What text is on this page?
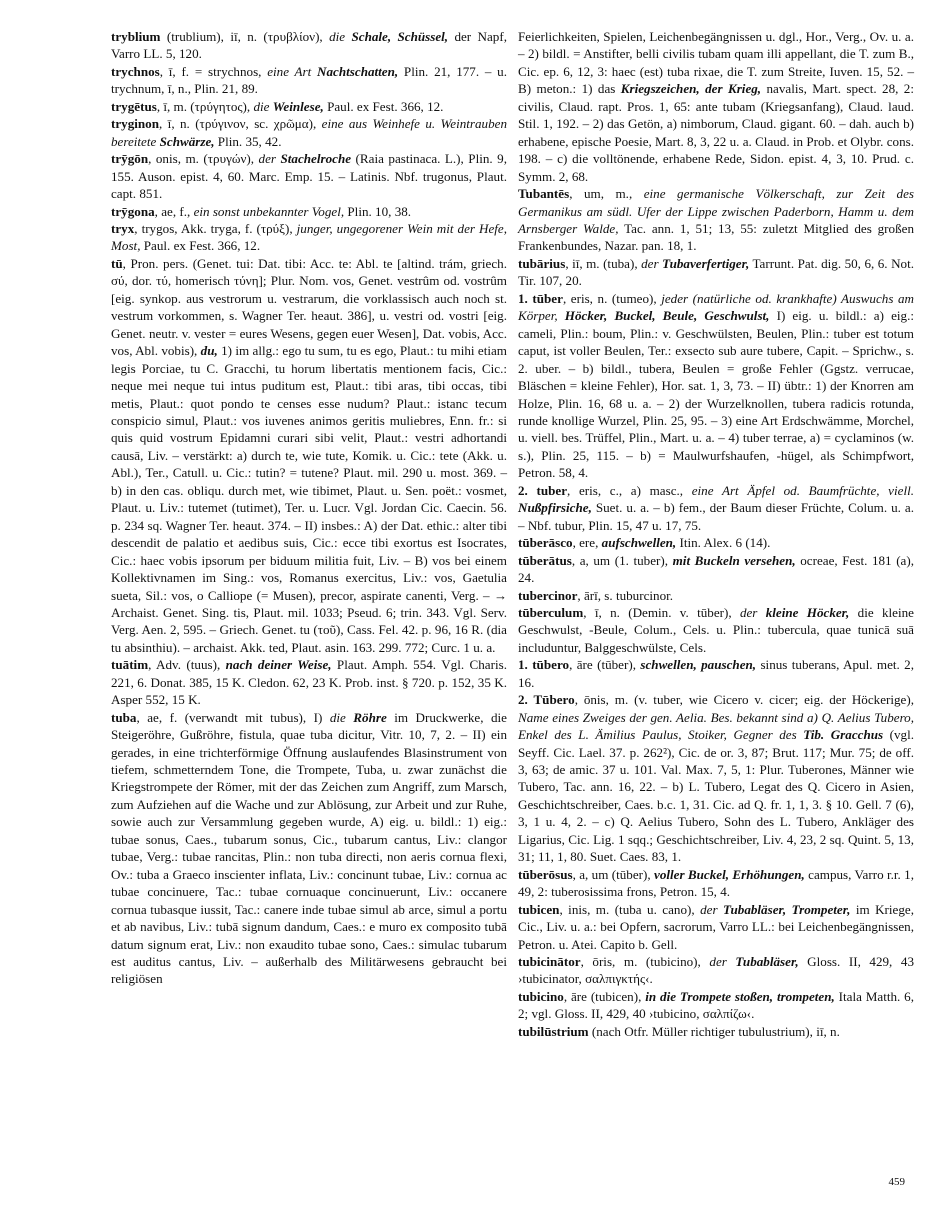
tryblium (trublium), iī, n. (τρυβλίον), die Schale, Schüssel, der Napf, Varro LL. 5, 120.

trychnos, ī, f. = strychnos, eine Art Nachtschatten, Plin. 21, 177. – u. trychnum, ī, n., Plin. 21, 89.

trygētus, ī, m. (τρύγητος), die Weinlese, Paul. ex Fest. 366, 12.

tryginon, ī, n. (τρύγινον, sc. χρῶμα), eine aus Weinhefe u. Weintrauben bereitete Schwärze, Plin. 35, 42.

trȳgōn, onis, m. (τρυγών), der Stachelroche (Raia pastinaca. L.), Plin. 9, 155. Auson. epist. 4, 60. Marc. Emp. 15. – Latinis. Nbf. trugonus, Plaut. capt. 851.

trȳgona, ae, f., ein sonst unbekannter Vogel, Plin. 10, 38.

tryx, trygos, Akk. tryga, f. (τρύξ), junger, ungegorener Wein mit der Hefe, Most, Paul. ex Fest. 366, 12.

tū, Pron. pers. (Genet. tui: Dat. tibi: Acc. te: Abl. te [altind. trám, griech. σύ, dor. τύ, homerisch τύνη]; Plur. Nom. vos, Genet. vestrûm od. vostrûm [eig. synkop. aus vestrorum u. vestrarum, die vorklassisch auch noch st. vestrum vorkommen, s. Wagner Ter. heaut. 386], u. vestri od. vostri [eig. Genet. neutr. v. vester = eures Wesens, gegen euer Wesen], Dat. vobis, Acc. vos, Abl. vobis), du, 1) im allg.: ego tu sum, tu es ego, Plaut.: tu mihi etiam legis Porciae, tu C. Gracchi, tu horum libertatis mentionem facis, Cic.: neque mei neque tui intus puditum est, Plaut.: tibi aras, tibi occas, tibi metis, Plaut.: quot pondo te censes esse nudum? Plaut.: istanc tecum conspicio simul, Plaut.: vos iuvenes animos geritis muliebres, Enn. fr.: si quis quid vostrum Epidamni curari sibi velit, Plaut.: vestri adhortandi causā, Liv. – verstärkt: a) durch te, wie tute, Komik. u. Cic.: tete (Akk. u. Abl.), Ter., Catull. u. Cic.: tutin? = tutene? Plaut. mil. 290 u. most. 369. – b) in den cas. obliqu. durch met, wie tibimet, Plaut. u. Sen. poët.: vosmet, Plaut. u. Liv.: tutemet (tutimet), Ter. u. Lucr. Vgl. Jordan Cic. Caecin. 56. p. 234 sq. Wagner Ter. heaut. 374. – II) insbes.: A) der Dat. ethic.: alter tibi descendit de palatio et aedibus suis, Cic.: ecce tibi exortus est Isocrates, Cic.: haec vobis ipsorum per biduum militia fuit, Liv. – B) vos bei einem Kollektivnamen im Sing.: vos, Romanus exercitus, Liv.: vos, Gaetulia sueta, Sil.: vos, o Calliope (= Musen), precor, aspirate canenti, Verg. – → Archaist. Genet. Sing. tis, Plaut. mil. 1033; Pseud. 6; trin. 343. Vgl. Serv. Verg. Aen. 2, 595. – Griech. Genet. tu (τοῦ), Cass. Fel. 42. p. 96, 16 R. (dia tu absinthiu). – archaist. Akk. ted, Plaut. asin. 163. 299. 772; Curc. 1 u. a.

tuātim, Adv. (tuus), nach deiner Weise, Plaut. Amph. 554. Vgl. Charis. 221, 6. Donat. 385, 15 K. Cledon. 62, 23 K. Prob. inst. § 720. p. 152, 35 K. Asper 552, 15 K.

tuba, ae, f. (verwandt mit tubus), I) die Röhre im Druckwerke, die Steigeröhre, Gußröhre, fistula, quae tuba dicitur, Vitr. 10, 7, 2. – II) ein gerades, in eine trichterförmige Öffnung auslaufendes Blasinstrument von tiefem, schmetterndem Tone, die Trompete, Tuba, u. zwar zunächst die Kriegstrompete der Römer, mit der das Zeichen zum Angriff, zum Marsch, zum Aufziehen auf die Wache und zur Ablösung, zur Arbeit und zur Ruhe, sowie auch zur Versammlung gegeben wurde, A) eig. u. bildl.: 1) eig.: tubae sonus, Caes., tubarum sonus, Cic., tubarum cantus, Liv.: clangor tubae, Verg.: tubae rancitas, Plin.: non tuba directi, non aeris cornua flexi, Ov.: tuba a Graeco inscienter inflata, Liv.: concinunt tubae, Liv.: cornua ac tubae concinuere, Tac.: tubae cornuaque concinuerunt, Liv.: occanere cornua tubasque iussit, Tac.: canere inde tubae simul ab arce, simul a portu et ab navibus, Liv.: tubā signum dandum, Caes.: e muro ex composito tubā datum signum erat, Liv.: non exaudito tubae sono, Caes.: simulac tubarum est auditus cantus, Liv. – außerhalb des Militärwesens gebraucht bei religiösen

Feierlichkeiten, Spielen, Leichenbegängnissen u. dgl., Hor., Verg., Ov. u. a. – 2) bildl. = Anstifter, belli civilis tubam quam illi appellant, die T. zum B., Cic. ep. 6, 12, 3: haec (est) tuba rixae, die T. zum Streite, Iuven. 15, 52. – B) meton.: 1) das Kriegszeichen, der Krieg, navalis, Mart. spect. 28, 2: civilis, Claud. rapt. Pros. 1, 65: ante tubam (Kriegsanfang), Claud. laud. Stil. 1, 192. – 2) das Getön, a) nimborum, Claud. gigant. 60. – dah. auch b) erhabene, epische Poesie, Mart. 8, 3, 22 u. a. Claud. in Prob. et Olybr. cons. 198. – c) die volltönende, erhabene Rede, Sidon. epist. 4, 3, 10. Prud. c. Symm. 2, 68.

Tubantēs, um, m., eine germanische Völkerschaft, zur Zeit des Germanikus am südl. Ufer der Lippe zwischen Paderborn, Hamm u. dem Arnsberger Walde, Tac. ann. 1, 51; 13, 55: zuletzt Mitglied des großen Frankenbundes, Nazar. pan. 18, 1.

tubārius, iī, m. (tuba), der Tubaverfertiger, Tarrunt. Pat. dig. 50, 6, 6. Not. Tir. 107, 20.

1. tūber, eris, n. (tumeo), jeder (natürliche od. krankhafte) Auswuchs am Körper, Höcker, Buckel, Beule, Geschwulst, I) eig. u. bildl.: a) eig.: cameli, Plin.: boum, Plin.: v. Geschwülsten, Beulen, Plin.: tuber est totum caput, ist voller Beulen, Ter.: exsecto sub aure tubere, Capit. – Sprichw., s. 2. uber. – b) bildl., tubera, Beulen = große Fehler (Ggstz. verrucae, Bläschen = kleine Fehler), Hor. sat. 1, 3, 73. – II) übtr.: 1) der Knorren am Holze, Plin. 16, 68 u. a. – 2) der Wurzelknollen, tubera radicis rotunda, runde knollige Wurzel, Plin. 25, 95. – 3) eine Art Erdschwämme, Morchel, u. viell. bes. Trüffel, Plin., Mart. u. a. – 4) tuber terrae, a) = cyclaminos (w. s.), Plin. 25, 115. – b) = Maulwurfshaufen, -hügel, als Schimpfwort, Petron. 58, 4.

2. tuber, eris, c., a) masc., eine Art Äpfel od. Baumfrüchte, viell. Nußpfirsiche, Suet. u. a. – b) fem., der Baum dieser Früchte, Colum. u. a. – Nbf. tubur, Plin. 15, 47 u. 17, 75.

tūberāsco, ere, aufschwellen, Itin. Alex. 6 (14).

tūberātus, a, um (1. tuber), mit Buckeln versehen, ocreae, Fest. 181 (a), 24.

tubercinor, ārī, s. tuburcinor.

tūberculum, ī, n. (Demin. v. tūber), der kleine Höcker, die kleine Geschwulst, -Beule, Colum., Cels. u. Plin.: tubercula, quae tunicā suā includuntur, Balggeschwülste, Cels.

1. tūbero, āre (tūber), schwellen, pauschen, sinus tuberans, Apul. met. 2, 16.

2. Tūbero, ōnis, m. (v. tuber, wie Cicero v. cicer; eig. der Höckerige), Name eines Zweiges der gen. Aelia. Bes. bekannt sind a) Q. Aelius Tubero, Enkel des L. Ämilius Paulus, Stoiker, Gegner des Tib. Gracchus (vgl. Seyff. Cic. Lael. 37. p. 262²), Cic. de or. 3, 87; Brut. 117; Mur. 75; de off. 3, 63; de amic. 37 u. 101. Val. Max. 7, 5, 1: Plur. Tuberones, Männer wie Tubero, Tac. ann. 16, 22. – b) L. Tubero, Legat des Q. Cicero in Asien, Geschichtschreiber, Caes. b.c. 1, 31. Cic. ad Q. fr. 1, 1, 3. § 10. Gell. 7 (6), 3, 1 u. 4, 2. – c) Q. Aelius Tubero, Sohn des L. Tubero, Ankläger des Ligarius, Cic. Lig. 1 sqq.; Geschichtschreiber, Liv. 4, 23, 2 sq. Quint. 5, 13, 31; 11, 1, 80. Suet. Caes. 83, 1.

tūberōsus, a, um (tūber), voller Buckel, Erhöhungen, campus, Varro r.r. 1, 49, 2: tuberosissima frons, Petron. 15, 4.

tubicen, inis, m. (tuba u. cano), der Tubabläser, Trompeter, im Kriege, Cic., Liv. u. a.: bei Opfern, sacrorum, Varro LL.: bei Leichenbegängnissen, Petron. u. Atei. Capito b. Gell.

tubicinātor, ōris, m. (tubicino), der Tubabläser, Gloss. II, 429, 43 ›tubicinator, σαλπιγκτής‹.

tubicino, āre (tubicen), in die Trompete stoßen, trompeten, Itala Matth. 6, 2; vgl. Gloss. II, 429, 40 ›tubicino, σαλπίζω‹.

tubilūstrium (nach Otfr. Müller richtiger tubulustrium), iī, n.

459
